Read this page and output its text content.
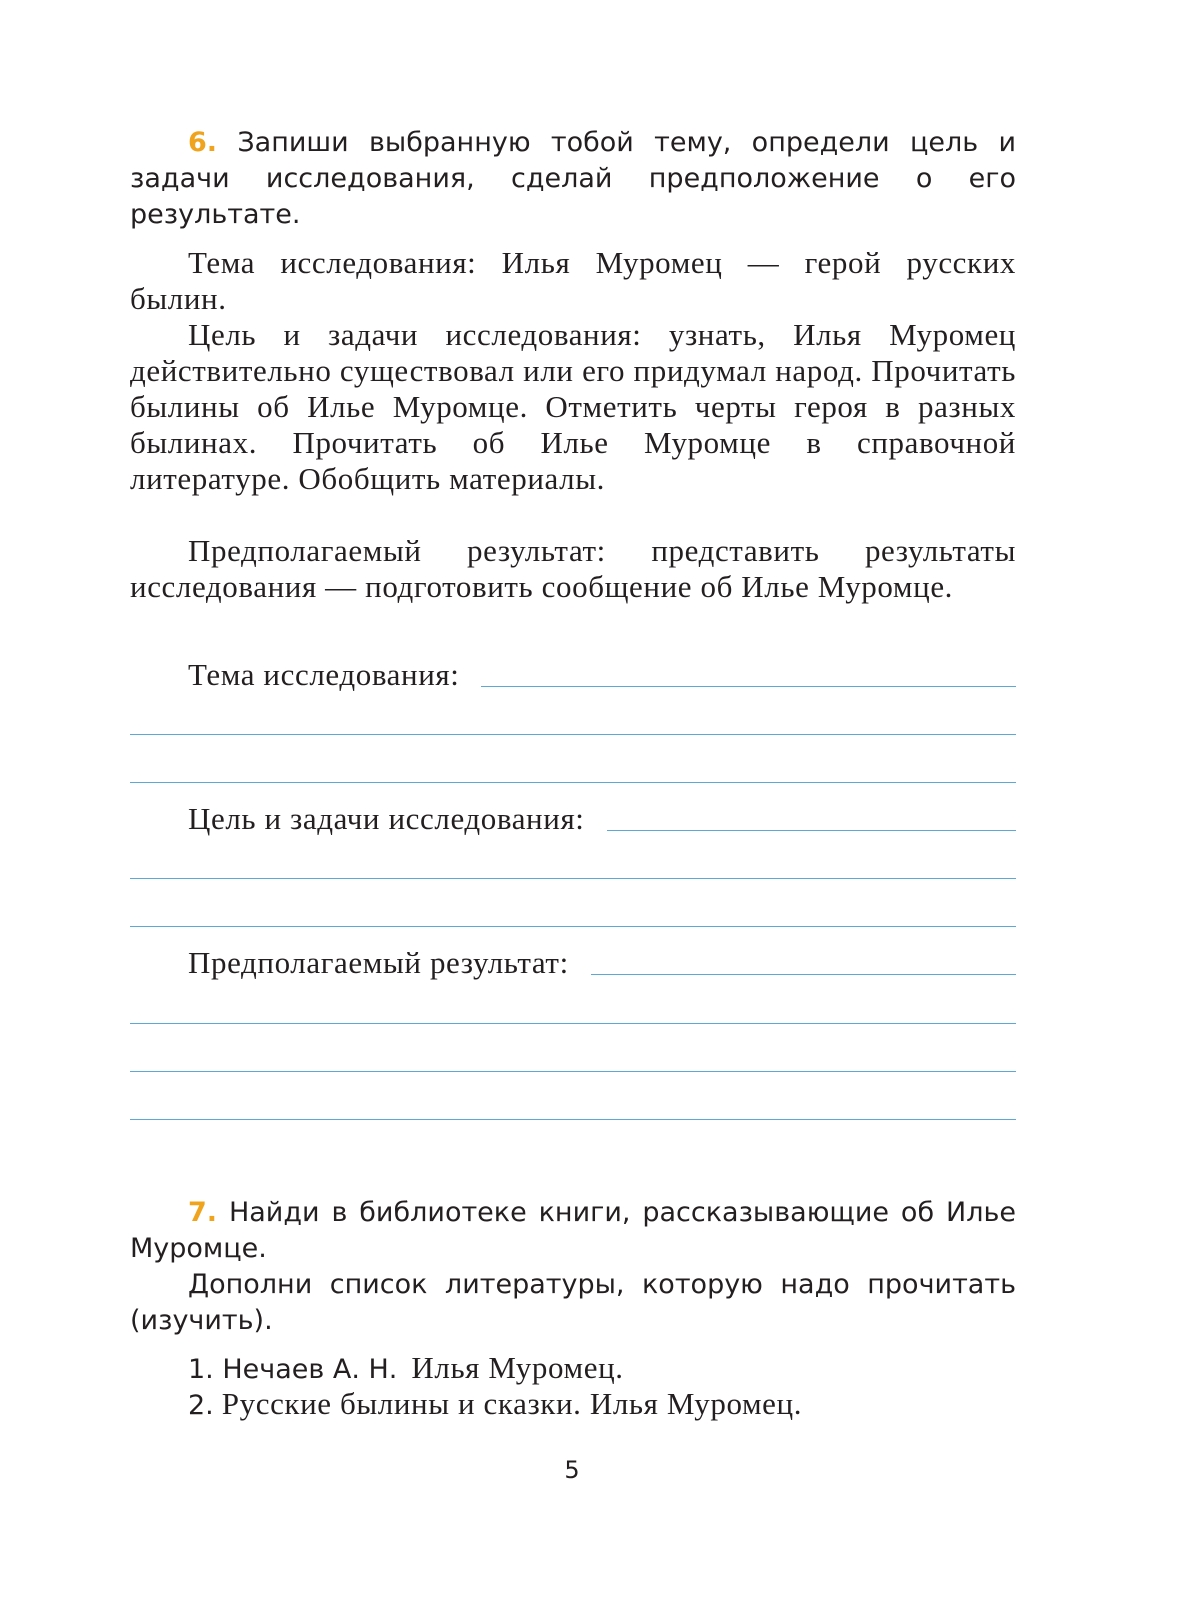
6. Запиши выбранную тобой тему, определи цель и задачи исследования, сделай предположение о его результате.

Тема исследования: Илья Муромец — герой русских былин.

Цель и задачи исследования: узнать, Илья Муромец действительно существовал или его придумал народ. Прочитать былины об Илье Муромце. Отметить черты героя в разных былинах. Прочитать об Илье Муромце в справочной литературе. Обобщить материалы.

Предполагаемый результат: представить результаты исследования — подготовить сообщение об Илье Муромце.

Тема исследования:
Цель и задачи исследования:
Предполагаемый результат:

7. Найди в библиотеке книги, рассказывающие об Илье Муромце.

Дополни список литературы, которую надо прочитать (изучить).

1. Нечаев А. Н. Илья Муромец.
2. Русские былины и сказки. Илья Муромец.
5
